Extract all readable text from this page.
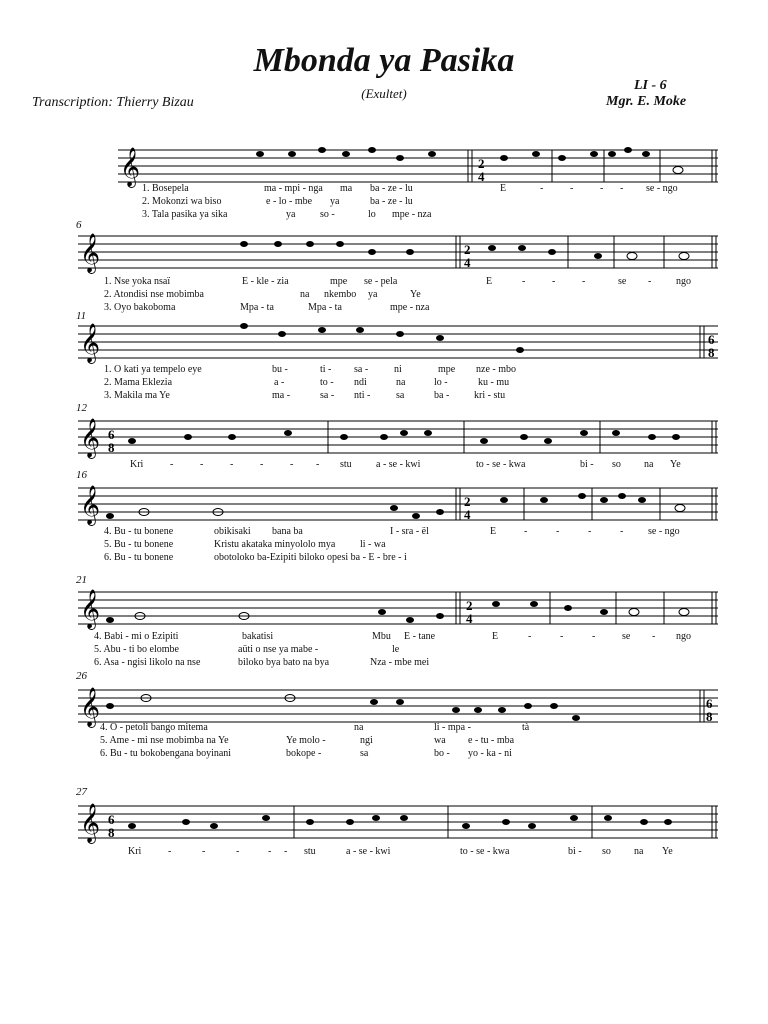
Mbonda ya Pasika
(Exultet)
LI - 6
Mgr. E. Moke
Transcription: Thierry Bizau
𝄞	2
4
1. Bosepela	ma - mpi - nga ma ba - ze - lu	E	-	-	- - se - ngo
2. Mokonzi wa biso	e - lo - mbe ya	ba - ze - lu
3. Tala pasika ya sika	ya so -	lo mpe - nza
6
𝄞	2
4
1. Nse yoka nsaï	E - kle - zia	mpe se - pela	E	-	-	-	se - ngo
2. Atondisi nse mobimba	na nkembo ya	Ye
3. Oyo bakoboma	Mpa - ta	Mpa - ta	mpe - nza
11
𝄞	6
8
1. O kati ya tempelo eye	bu -	ti - sa -	ni	mpe nze - mbo
2. Mama Eklezia	a -	to - ndi	na	lo -	ku - mu
3. Makila ma Ye	ma -	sa - nti -	sa	ba - kri - stu
12
𝄞 6
8
Kri	-	-	-	-	- - stu a - se - kwi	to - se - kwa	bi - so na Ye
16
𝄞	2
4
4. Bu - tu bonene	obikisaki bana ba	I - sra - ël	E	-	-	-	- se - ngo
5. Bu - tu bonene	Kristu akataka minyololo mya li - wa
6. Bu - tu bonene	obotoloko ba-Ezipiti biloko opesi ba - E - bre - i
21
𝄞	2
4
4. Babi - mi o Ezipiti	bakatisi	Mbu E - tane	E	-	-	-	se - ngo
5. Abu - ti bo elombe	aüti o nse ya mabe -	le
6. Asa - ngisi likolo na nse	biloko bya bato na bya	Nza - mbe mei
26
𝄞	6
8
4. O - petoli bango mitema	na	li - mpa -	tà
5. Ame - mi nse mobimba na Ye	Ye molo -	ngi	wa e - tu - mba
6. Bu - tu bokobengana boyinani	bokope -	sa	bo - yo - ka - ni
27
𝄞 6
8
Kri	-	-	-	- - stu	a - se - kwi	to - se - kwa	bi - so na Ye
